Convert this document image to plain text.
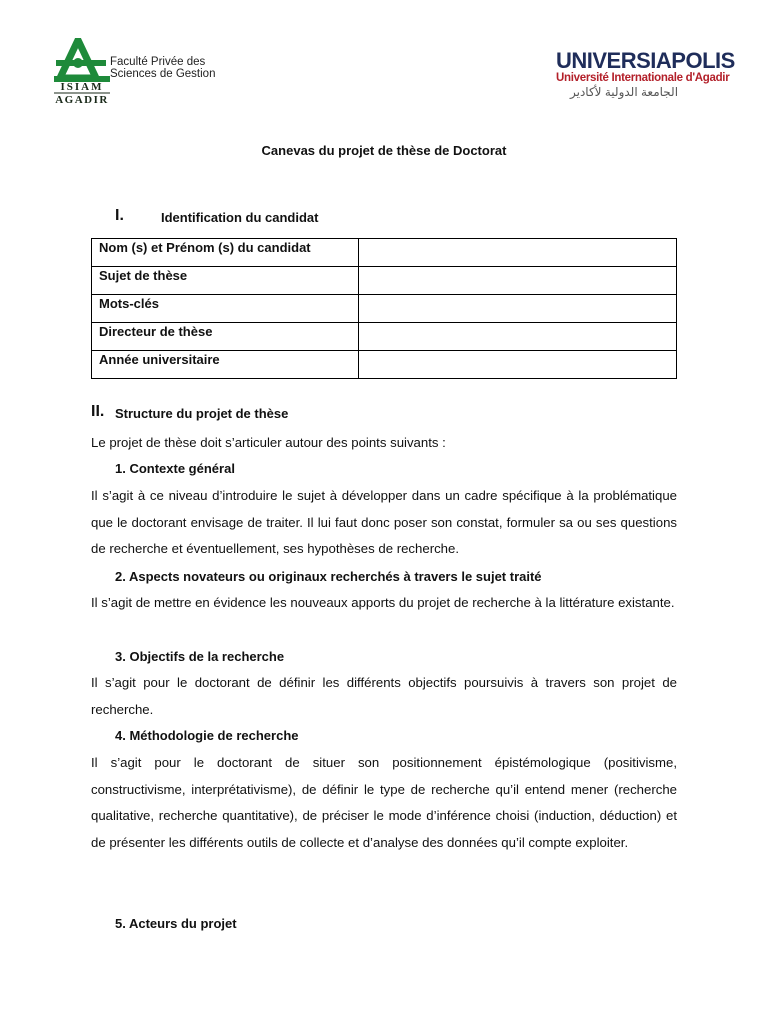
Faculté Privée des
Sciences de Gestion
ISIAM
AGADIR
UNIVERSIAPOLIS
Université Internationale d'Agadir
الجامعة الدولية لأكادير
Canevas du projet de thèse de Doctorat
I.	Identification du candidat
Nom (s) et Prénom (s) du candidat	
Sujet de thèse	
Mots-clés	
Directeur de thèse	
Année universitaire	
II. Structure du projet de thèse
Le projet de thèse doit s’articuler autour des points suivants :
1. Contexte général
Il s’agit à ce niveau d’introduire le sujet à développer dans un cadre spécifique à la problématique que le doctorant envisage de traiter. Il lui faut donc poser son constat, formuler sa ou ses questions de recherche et éventuellement, ses hypothèses de recherche.
2. Aspects novateurs ou originaux recherchés à travers le sujet traité
Il s’agit de mettre en évidence les nouveaux apports du projet de recherche à la littérature existante.
3. Objectifs de la recherche
Il s’agit pour le doctorant de définir les différents objectifs poursuivis à travers son projet de recherche.
4. Méthodologie de recherche
Il s’agit pour le doctorant de situer son positionnement épistémologique (positivisme, constructivisme, interprétativisme), de définir le type de recherche qu’il entend mener (recherche qualitative, recherche quantitative), de préciser le mode d’inférence choisi (induction, déduction) et de présenter les différents outils de collecte et d’analyse des données qu’il compte exploiter.
5. Acteurs du projet
